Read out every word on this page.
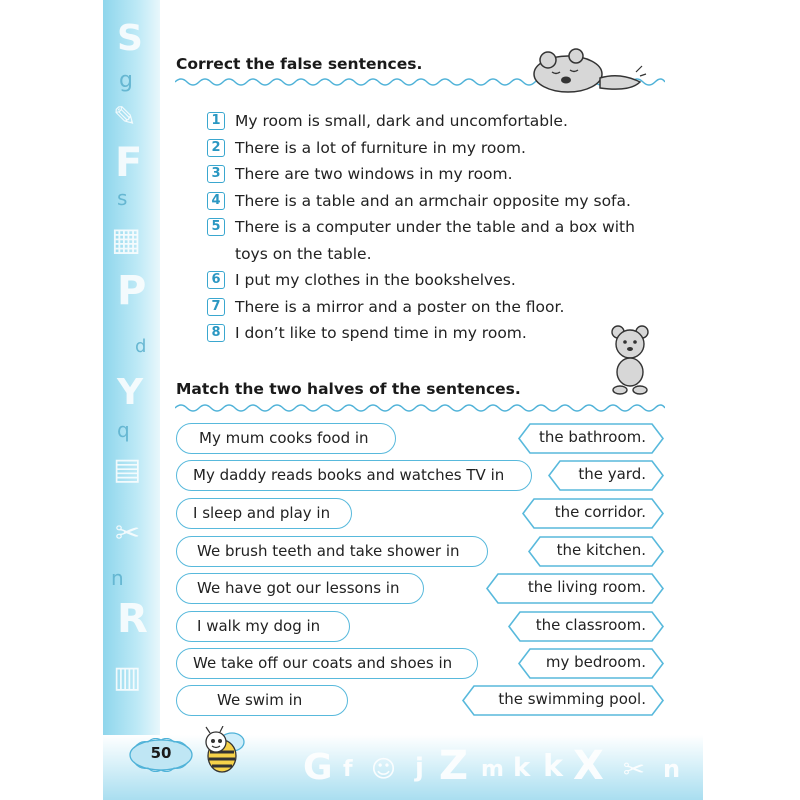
S
g
✎
F
s
▦
P
d
Y
q
▤
✂
n
R
▥
G f ☺ j Z m k k X ✂ n
Correct the false sentences.
1 My room is small, dark and uncomfortable.
2 There is a lot of furniture in my room.
3 There are two windows in my room.
4 There is a table and an armchair opposite my sofa.
5 There is a computer under the table and a box with
toys on the table.
6 I put my clothes in the bookshelves.
7 There is a mirror and a poster on the floor.
8 I don’t like to spend time in my room.
Match the two halves of the sentences.
My mum cooks food in
My daddy reads books and watches TV in
I sleep and play in
We brush teeth and take shower in
We have got our lessons in
I walk my dog in
We take off our coats and shoes in
We swim in
the bathroom.
the yard.
the corridor.
the kitchen.
the living room.
the classroom.
my bedroom.
the swimming pool.
50
